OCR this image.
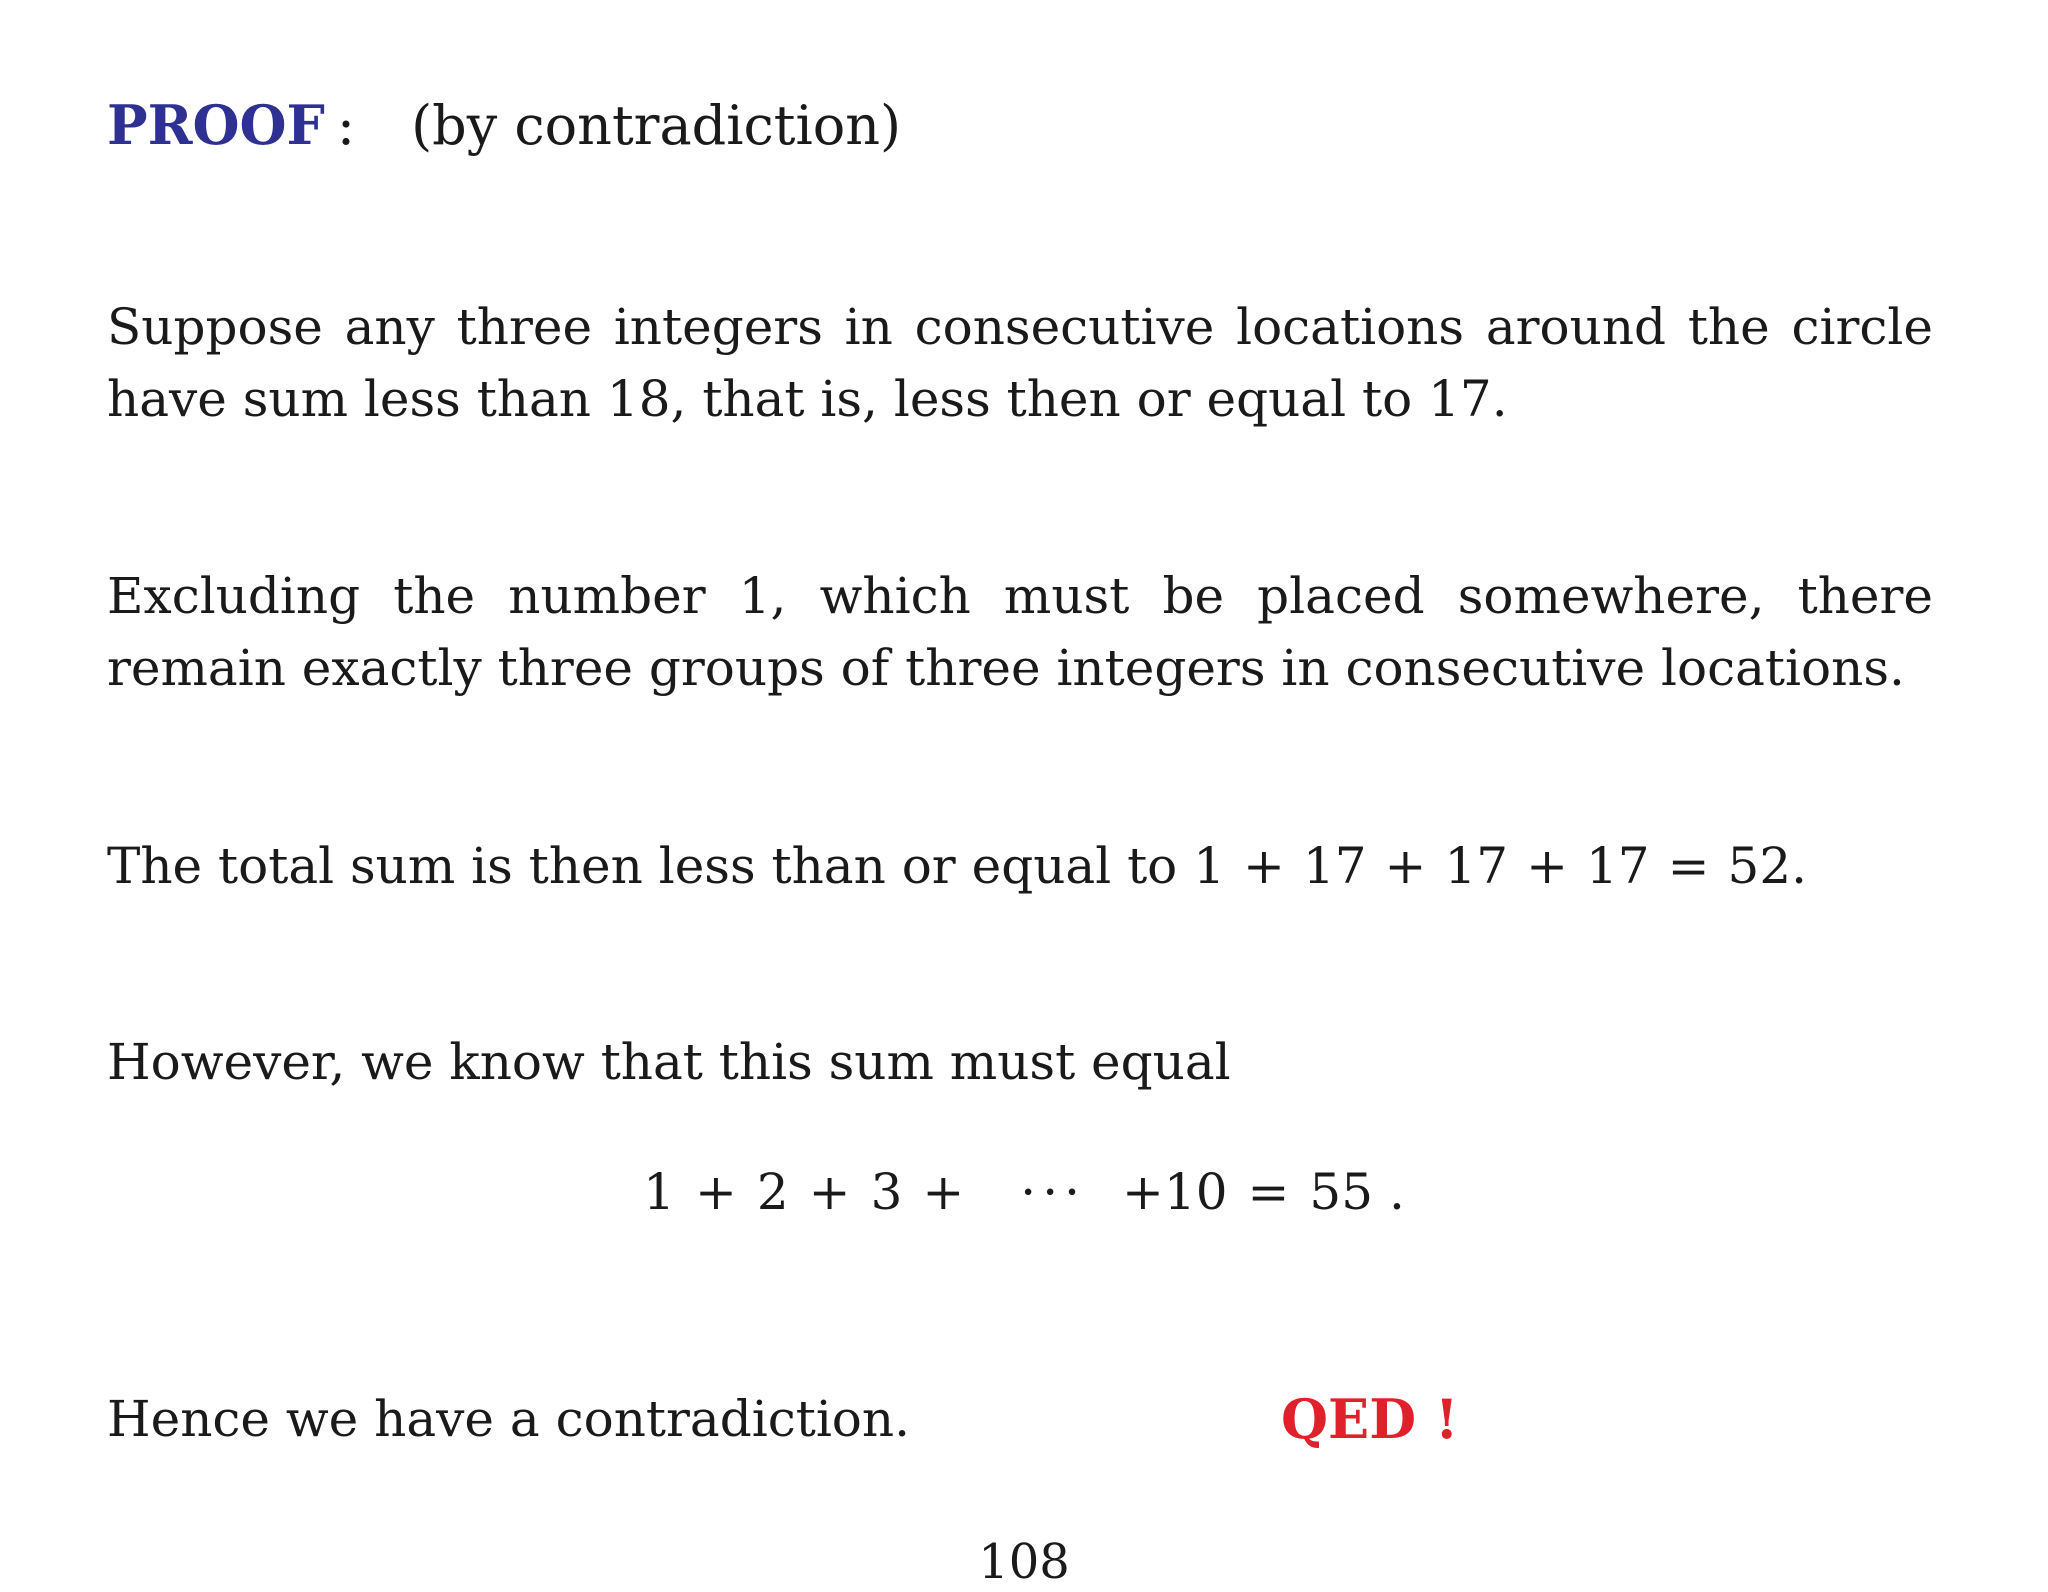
PROOF : (by contradiction)
Suppose any three integers in consecutive locations around the circle have sum less than 18, that is, less then or equal to 17.
Excluding the number 1, which must be placed somewhere, there remain exactly three groups of three integers in consecutive locations.
The total sum is then less than or equal to 1 + 17 + 17 + 17 = 52.
However, we know that this sum must equal
1 + 2 + 3 + ··· +10 = 55 .
Hence we have a contradiction.	QED !
108
